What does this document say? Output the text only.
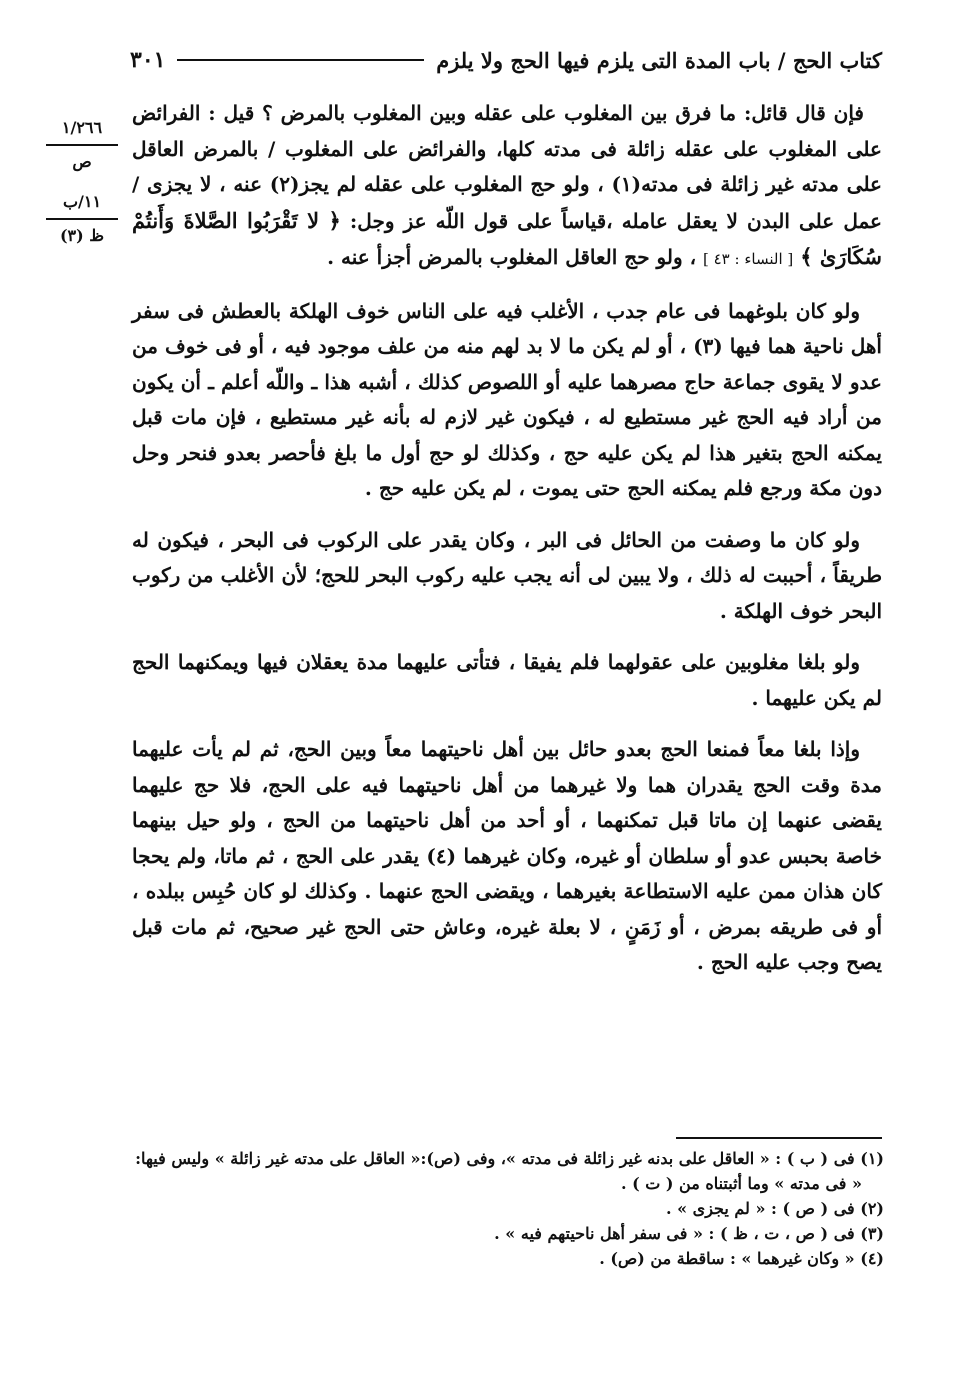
كتاب الحج / باب المدة التى يلزم فيها الحج ولا يلزم
٣٠١
١/٢٦٦
ص
١١/ب
ظ (٣)

فإن قال قائل: ما فرق بين المغلوب على عقله وبين المغلوب بالمرض ؟ قيل : الفرائض على المغلوب على عقله زائلة فى مدته كلها، والفرائض على المغلوب / بالمرض العاقل على مدته غير زائلة فى مدته(١) ، ولو حج المغلوب على عقله لم يجز(٢) عنه ، لا يجزى / عمل على البدن لا يعقل عامله ،قياساً على قول اللّه عز وجل: ﴿ لا تَقْرَبُوا الصَّلاةَ وَأَنتُمْ سُكَارَىٰ ﴾ [ النساء : ٤٣ ] ، ولو حج العاقل المغلوب بالمرض أجزأ عنه .

ولو كان بلوغهما فى عام جدب ، الأغلب فيه على الناس خوف الهلكة بالعطش فى سفر أهل ناحية هما فيها (٣) ، أو لم يكن ما لا بد لهم منه من علف موجود فيه ، أو فى خوف من عدو لا يقوى جماعة حاج مصرهما عليه أو اللصوص كذلك ، أشبه هذا ـ واللّه أعلم ـ أن يكون من أراد فيه الحج غير مستطيع له ، فيكون غير لازم له بأنه غير مستطيع ، فإن مات قبل يمكنه الحج بتغير هذا لم يكن عليه حج ، وكذلك لو حج أول ما بلغ فأحصر بعدو فنحر وحل دون مكة ورجع فلم يمكنه الحج حتى يموت ، لم يكن عليه حج .

ولو كان ما وصفت من الحائل فى البر ، وكان يقدر على الركوب فى البحر ، فيكون له طريقاً ، أحببت له ذلك ، ولا يبين لى أنه يجب عليه ركوب البحر للحج؛ لأن الأغلب من ركوب البحر خوف الهلكة .

ولو بلغا مغلوبين على عقولهما فلم يفيقا ، فتأتى عليهما مدة يعقلان فيها ويمكنهما الحج لم يكن عليهما .

وإذا بلغا معاً فمنعا الحج بعدو حائل بين أهل ناحيتهما معاً وبين الحج، ثم لم يأت عليهما مدة وقت الحج يقدران هما ولا غيرهما من أهل ناحيتهما فيه على الحج، فلا حج عليهما يقضى عنهما إن ماتا قبل تمكنهما ، أو أحد من أهل ناحيتهما من الحج ، ولو حيل بينهما خاصة بحبس عدو أو سلطان أو غيره، وكان غيرهما (٤) يقدر على الحج ، ثم ماتا، ولم يحجا كان هذان ممن عليه الاستطاعة بغيرهما ، ويقضى الحج عنهما . وكذلك لو كان حُبِس ببلده ، أو فى طريقه بمرض ، أو زَمَنٍ ، لا بعلة غيره، وعاش حتى الحج غير صحيح، ثم مات قبل يصح وجب عليه الحج .

(١) فى ( ب ) : « العاقل على بدنه غير زائلة فى مدته »، وفى (ص):« العاقل على مدته غير زائلة » وليس فيها:

« فى مدته » وما أثبتناه من ( ت ) .

(٢) فى ( ص ) : « لم يجزى » .

(٣) فى ( ص ، ت ، ظ ) : « فى سفر أهل ناحيتهم فيه » .

(٤) « وكان غيرهما » : ساقطة من (ص) .
